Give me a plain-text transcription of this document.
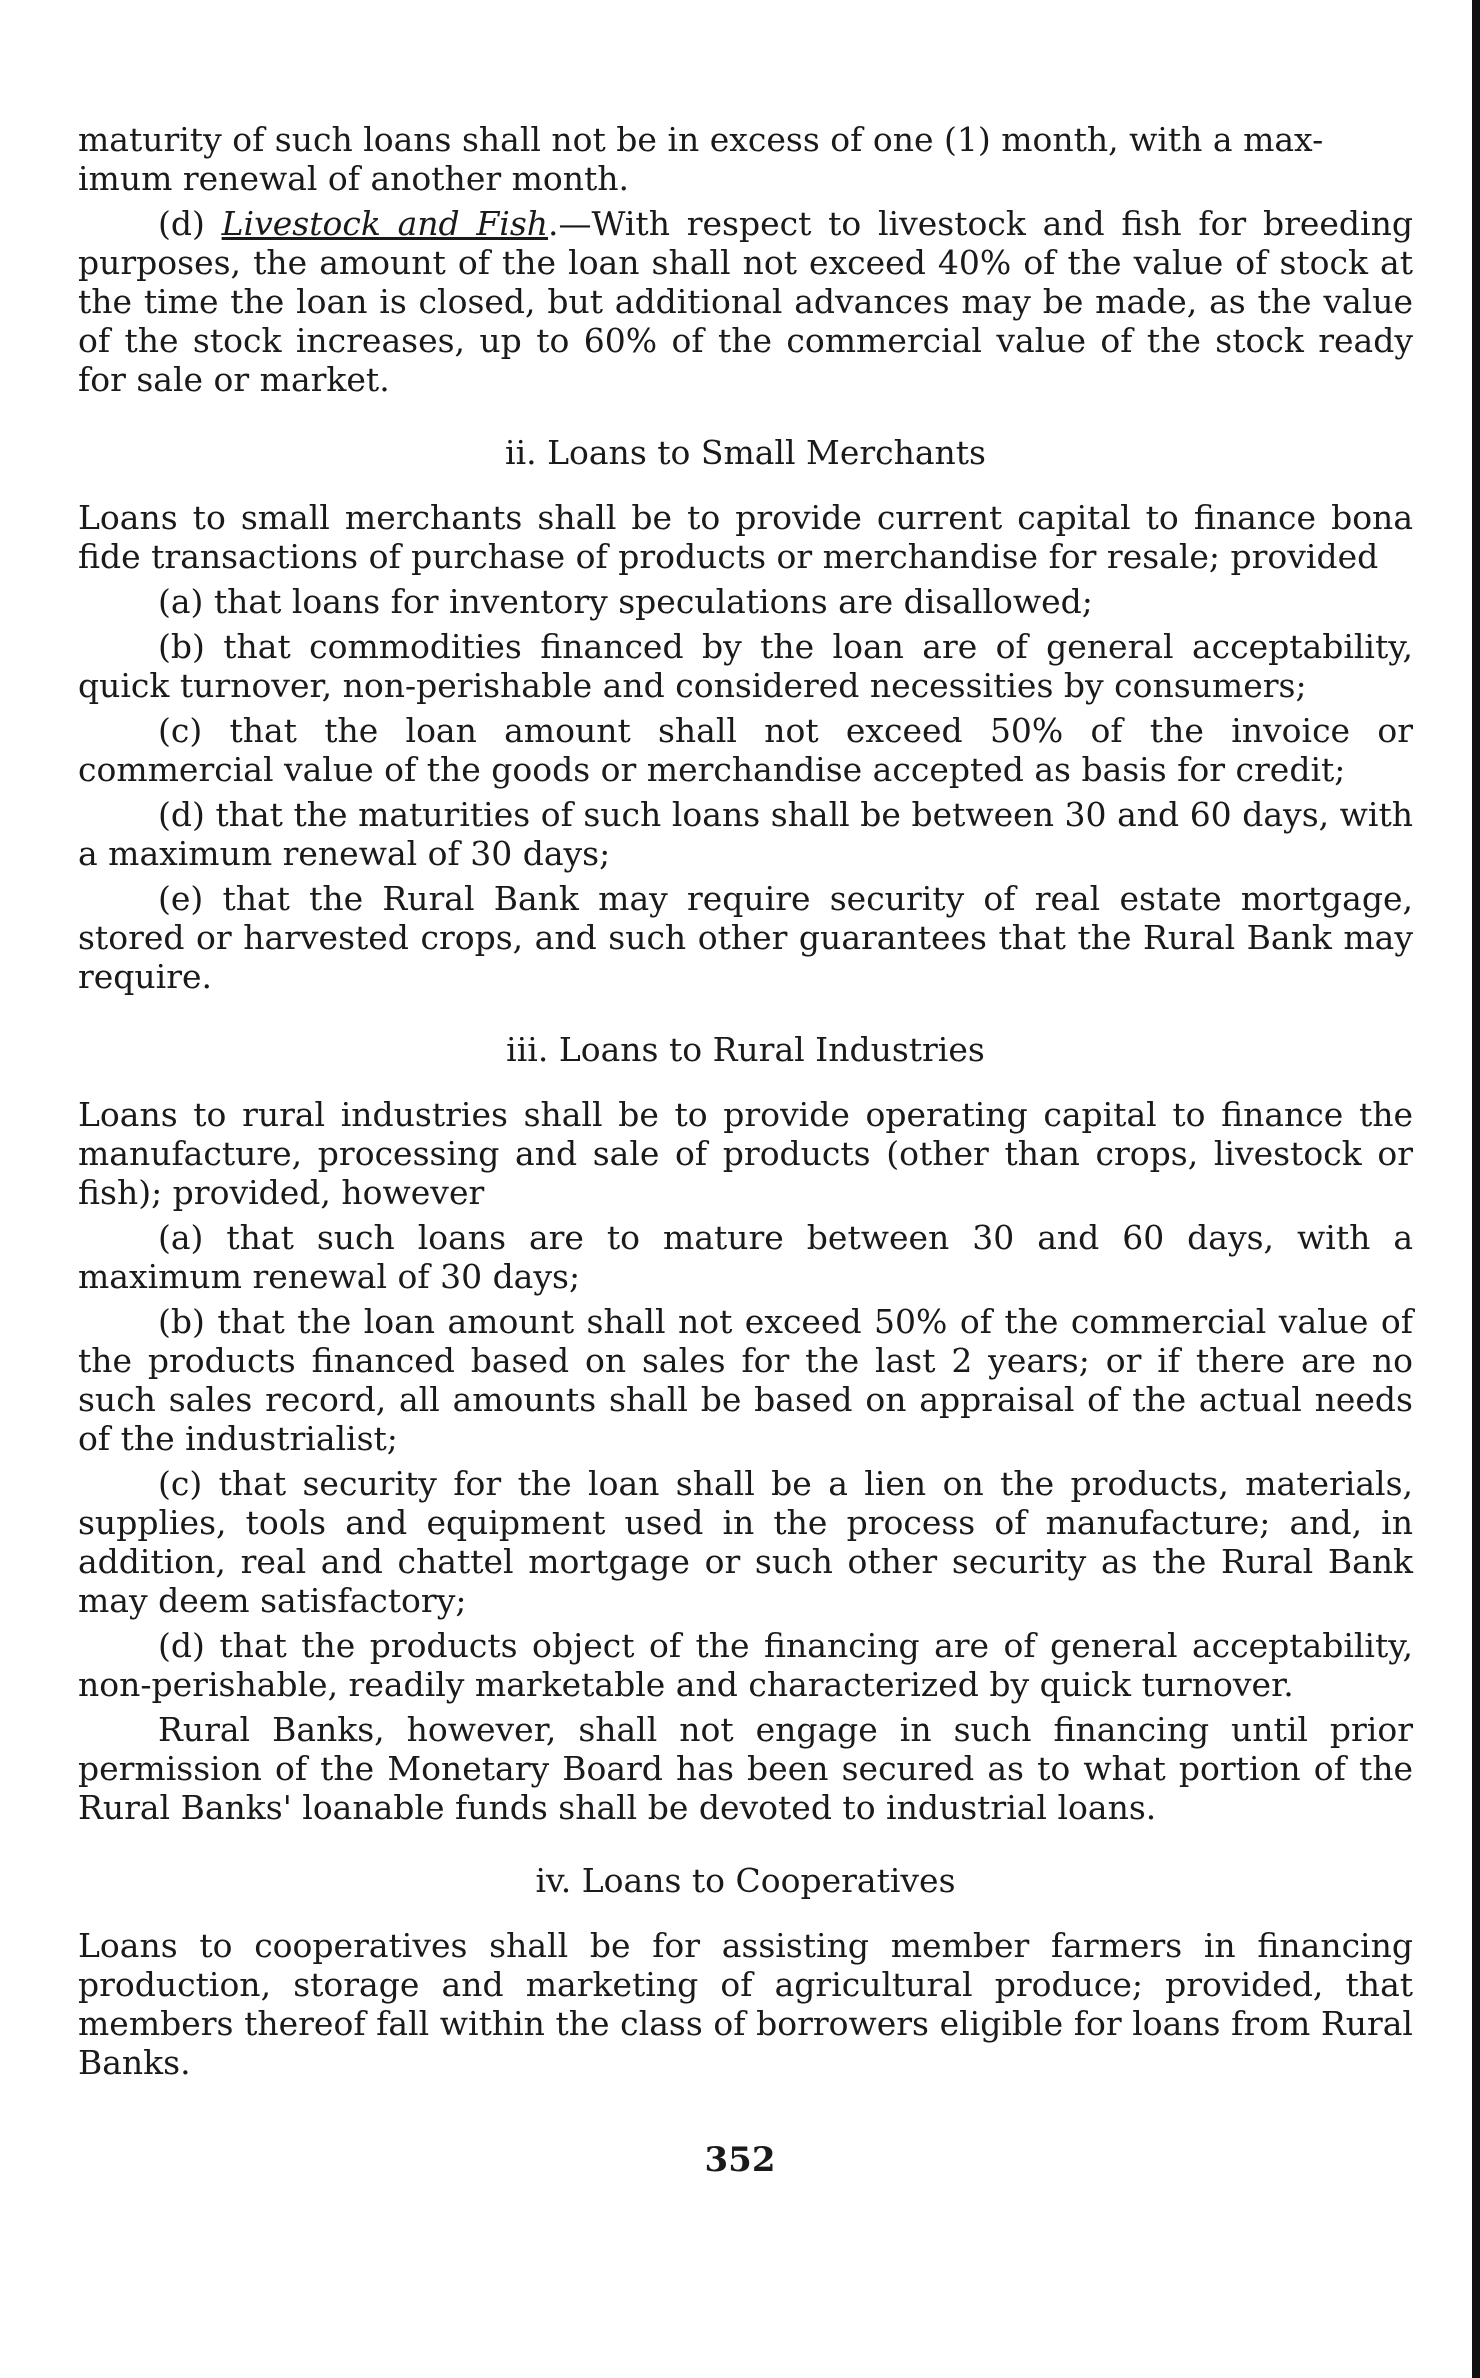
maturity of such loans shall not be in excess of one (1) month, with a max-
imum renewal of another month.

(d) Livestock and Fish.—With respect to livestock and fish for breeding purposes, the amount of the loan shall not exceed 40% of the value of stock at the time the loan is closed, but additional advances may be made, as the value of the stock increases, up to 60% of the commercial value of the stock ready for sale or market.

ii. Loans to Small Merchants

Loans to small merchants shall be to provide current capital to finance bona fide transactions of purchase of products or merchandise for resale; provided

(a) that loans for inventory speculations are disallowed;

(b) that commodities financed by the loan are of general acceptability, quick turnover, non-perishable and considered necessities by consumers;

(c) that the loan amount shall not exceed 50% of the invoice or commercial value of the goods or merchandise accepted as basis for credit;

(d) that the maturities of such loans shall be between 30 and 60 days, with a maximum renewal of 30 days;

(e) that the Rural Bank may require security of real estate mortgage, stored or harvested crops, and such other guarantees that the Rural Bank may require.

iii. Loans to Rural Industries

Loans to rural industries shall be to provide operating capital to finance the manufacture, processing and sale of products (other than crops, livestock or fish); provided, however

(a) that such loans are to mature between 30 and 60 days, with a maximum renewal of 30 days;

(b) that the loan amount shall not exceed 50% of the commercial value of the products financed based on sales for the last 2 years; or if there are no such sales record, all amounts shall be based on appraisal of the actual needs of the industrialist;

(c) that security for the loan shall be a lien on the products, materials, supplies, tools and equipment used in the process of manufacture; and, in addition, real and chattel mortgage or such other security as the Rural Bank may deem satisfactory;

(d) that the products object of the financing are of general acceptability, non-perishable, readily marketable and characterized by quick turnover.

Rural Banks, however, shall not engage in such financing until prior permission of the Monetary Board has been secured as to what portion of the Rural Banks' loanable funds shall be devoted to industrial loans.

iv. Loans to Cooperatives

Loans to cooperatives shall be for assisting member farmers in financing production, storage and marketing of agricultural produce; provided, that members thereof fall within the class of borrowers eligible for loans from Rural Banks.

352
